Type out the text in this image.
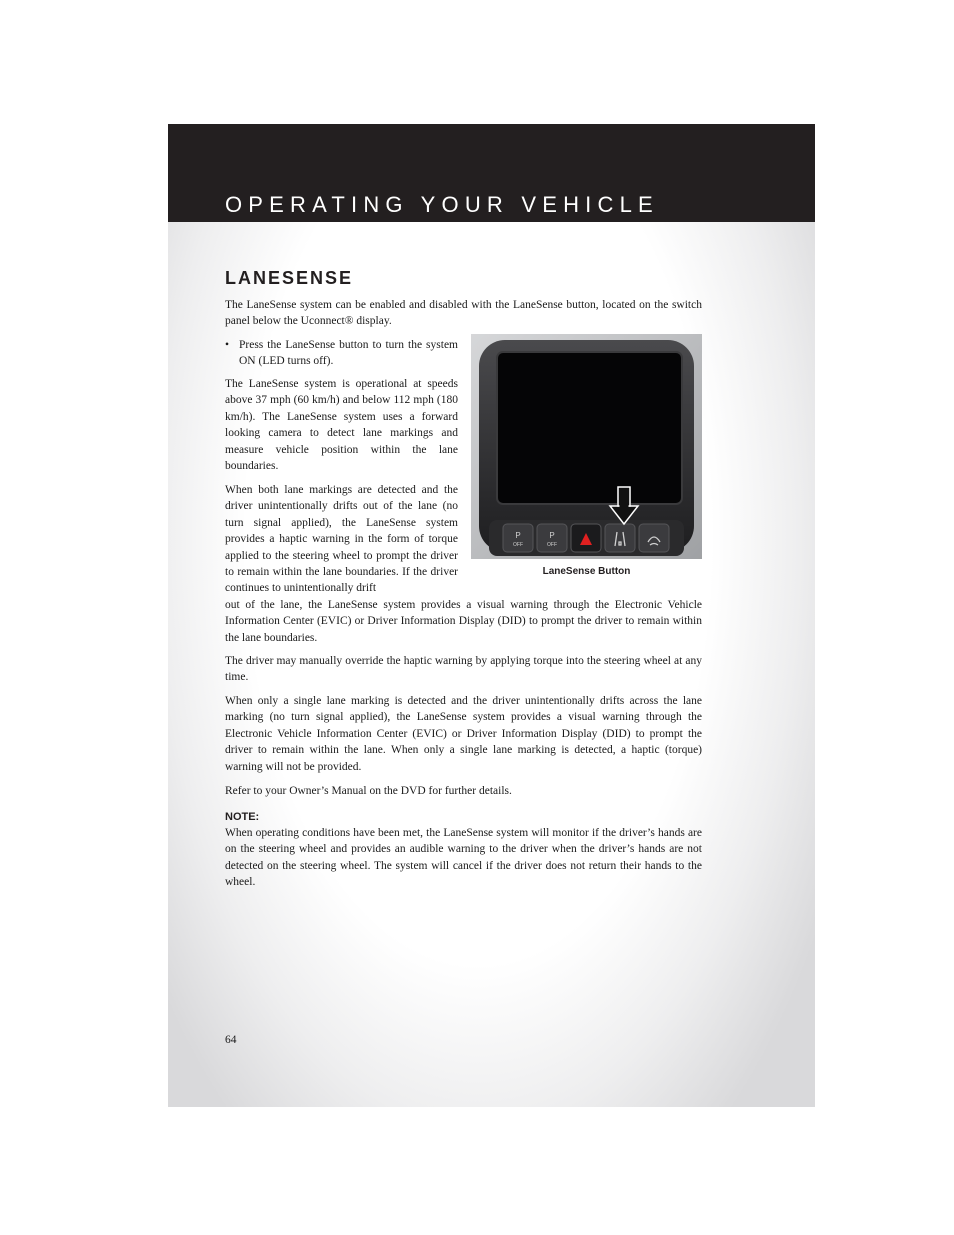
OPERATING YOUR VEHICLE
LANESENSE

The LaneSense system can be enabled and disabled with the LaneSense button, located on the switch panel below the Uconnect® display.

• Press the LaneSense button to turn the system ON (LED turns off).

The LaneSense system is operational at speeds above 37 mph (60 km/h) and below 112 mph (180 km/h). The LaneSense system uses a forward looking camera to detect lane markings and measure vehicle position within the lane boundaries.

When both lane markings are detected and the driver unintentionally drifts out of the lane (no turn signal applied), the LaneSense system provides a haptic warning in the form of torque applied to the steering wheel to prompt the driver to remain within the lane boundaries. If the driver continues to unintentionally drift

out of the lane, the LaneSense system provides a visual warning through the Electronic Vehicle Information Center (EVIC) or Driver Information Display (DID) to prompt the driver to remain within the lane boundaries.

The driver may manually override the haptic warning by applying torque into the steering wheel at any time.

When only a single lane marking is detected and the driver unintentionally drifts across the lane marking (no turn signal applied), the LaneSense system provides a visual warning through the Electronic Vehicle Information Center (EVIC) or Driver Information Display (DID) to prompt the driver to remain within the lane. When only a single lane marking is detected, a haptic (torque) warning will not be provided.

Refer to your Owner’s Manual on the DVD for further details.

NOTE:

When operating conditions have been met, the LaneSense system will monitor if the driver’s hands are on the steering wheel and provides an audible warning to the driver when the driver’s hands are not detected on the steering wheel. The system will cancel if the driver does not return their hands to the wheel.

P
OFF
P
OFF
LaneSense Button
64
